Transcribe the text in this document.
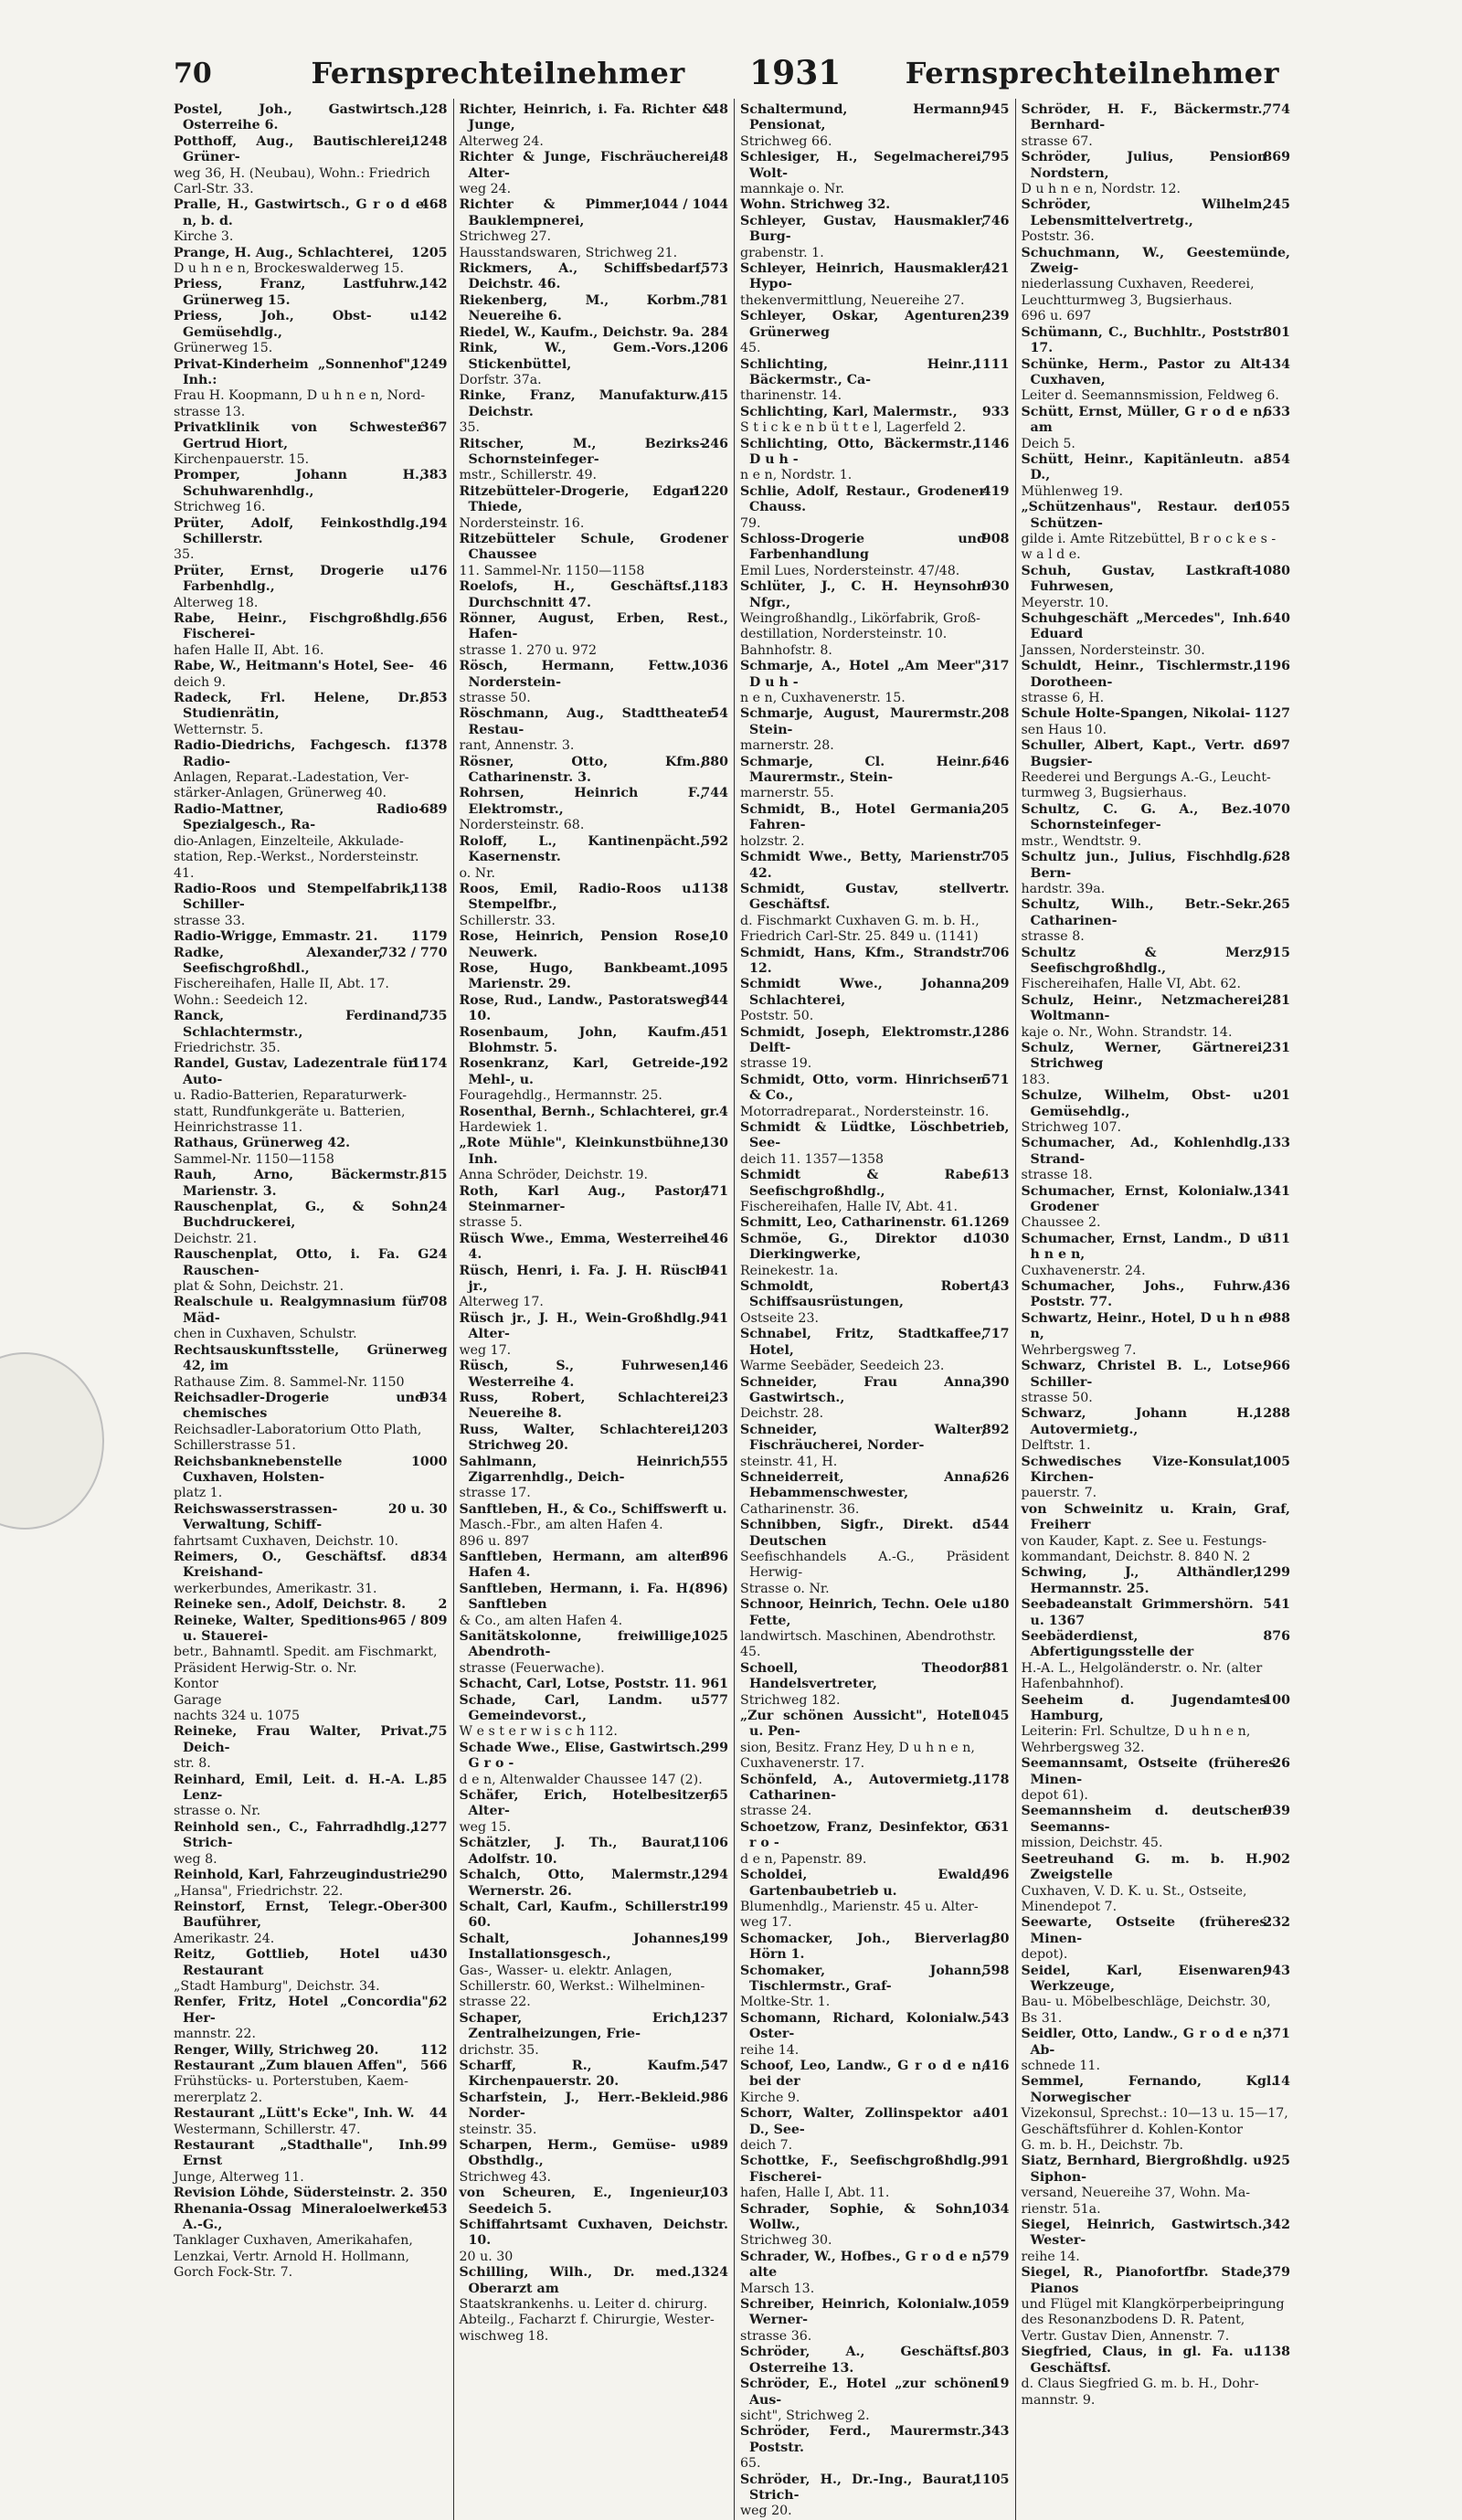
70	Fernsprechteilnehmer 1931 Fernsprechteilnehmer
128
Postel, Joh., Gastwirtsch., Osterreihe 6.
1248
Potthoff, Aug., Bautischlerei, Grüner-
weg 36, H. (Neubau), Wohn.: Friedrich
Carl-Str. 33.
468
Pralle, H., Gastwirtsch., G r o d e n, b. d.
Kirche 3.
1205
Prange, H. Aug., Schlachterei,
D u h n e n, Brockeswalderweg 15.
142
Priess, Franz, Lastfuhrw., Grünerweg 15.
142
Priess, Joh., Obst- u. Gemüsehdlg.,
Grünerweg 15.
1249
Privat-Kinderheim „Sonnenhof", Inh.:
Frau H. Koopmann, D u h n e n, Nord-
strasse 13.
367
Privatklinik von Schwester Gertrud Hiort,
Kirchenpauerstr. 15.
383
Promper, Johann H., Schuhwarenhdlg.,
Strichweg 16.
194
Prüter, Adolf, Feinkosthdlg., Schillerstr.
35.
176
Prüter, Ernst, Drogerie u. Farbenhdlg.,
Alterweg 18.
656
Rabe, Heinr., Fischgroßhdlg., Fischerei-
hafen Halle II, Abt. 16.
46
Rabe, W., Heitmann's Hotel, See-
deich 9.
853
Radeck, Frl. Helene, Dr., Studienrätin,
Wetternstr. 5.
1378
Radio-Diedrichs, Fachgesch. f. Radio-
Anlagen, Reparat.-Ladestation, Ver-
stärker-Anlagen, Grünerweg 40.
689
Radio-Mattner, Radio-Spezialgesch., Ra-
dio-Anlagen, Einzelteile, Akkulade-
station, Rep.-Werkst., Nordersteinstr.
41.
1138
Radio-Roos und Stempelfabrik, Schiller-
strasse 33.
1179
Radio-Wrigge, Emmastr. 21.
732 / 770
Radke, Alexander, Seefischgroßhdl.,
Fischereihafen, Halle II, Abt. 17.
Wohn.: Seedeich 12.
735
Ranck, Ferdinand, Schlachtermstr.,
Friedrichstr. 35.
1174
Randel, Gustav, Ladezentrale für Auto-
u. Radio-Batterien, Reparaturwerk-
statt, Rundfunkgeräte u. Batterien,
Heinrichstrasse 11.
Rathaus, Grünerweg 42.
Sammel-Nr. 1150—1158
815
Rauh, Arno, Bäckermstr., Marienstr. 3.
24
Rauschenplat, G., & Sohn, Buchdruckerei,
Deichstr. 21.
24
Rauschenplat, Otto, i. Fa. G. Rauschen-
plat & Sohn, Deichstr. 21.
708
Realschule u. Realgymnasium für Mäd-
chen in Cuxhaven, Schulstr.
Rechtsauskunftsstelle, Grünerweg 42, im
Rathause Zim. 8. Sammel-Nr. 1150
934
Reichsadler-Drogerie und chemisches
Reichsadler-Laboratorium Otto Plath,
Schillerstrasse 51.
1000
Reichsbanknebenstelle Cuxhaven, Holsten-
platz 1.
20 u. 30
Reichswasserstrassen-Verwaltung, Schiff-
fahrtsamt Cuxhaven, Deichstr. 10.
834
Reimers, O., Geschäftsf. d. Kreishand-
werkerbundes, Amerikastr. 31.
2
Reineke sen., Adolf, Deichstr. 8.
965 / 809
Reineke, Walter, Speditions- u. Stauerei-
betr., Bahnamtl. Spedit. am Fischmarkt,
Präsident Herwig-Str. o. Nr.
Kontor
Garage
nachts 324 u. 1075
75
Reineke, Frau Walter, Privat., Deich-
str. 8.
85
Reinhard, Emil, Leit. d. H.-A. L., Lenz-
strasse o. Nr.
1277
Reinhold sen., C., Fahrradhdlg., Strich-
weg 8.
290
Reinhold, Karl, Fahrzeugindustrie
„Hansa", Friedrichstr. 22.
300
Reinstorf, Ernst, Telegr.-Ober-Bauführer,
Amerikastr. 24.
430
Reitz, Gottlieb, Hotel u. Restaurant
„Stadt Hamburg", Deichstr. 34.
62
Renfer, Fritz, Hotel „Concordia", Her-
mannstr. 22.
112
Renger, Willy, Strichweg 20.
566
Restaurant „Zum blauen Affen",
Frühstücks- u. Porterstuben, Kaem-
mererplatz 2.
44
Restaurant „Lütt's Ecke", Inh. W.
Westermann, Schillerstr. 47.
99
Restaurant „Stadthalle", Inh.: Ernst
Junge, Alterweg 11.
350
Revision Löhde, Südersteinstr. 2.
453
Rhenania-Ossag Mineraloelwerke A.-G.,
Tanklager Cuxhaven, Amerikahafen,
Lenzkai, Vertr. Arnold H. Hollmann,
Gorch Fock-Str. 7.
48
Richter, Heinrich, i. Fa. Richter & Junge,
Alterweg 24.
48
Richter & Junge, Fischräucherei, Alter-
weg 24.
1044 / 1044
Richter & Pimmer, Bauklempnerei,
Strichweg 27.
Hausstandswaren, Strichweg 21.
573
Rickmers, A., Schiffsbedarf, Deichstr. 46.
781
Riekenberg, M., Korbm., Neuereihe 6.
284
Riedel, W., Kaufm., Deichstr. 9a.
1206
Rink, W., Gem.-Vors., Stickenbüttel,
Dorfstr. 37a.
415
Rinke, Franz, Manufakturw., Deichstr.
35.
246
Ritscher, M., Bezirks-Schornsteinfeger-
mstr., Schillerstr. 49.
1220
Ritzebütteler-Drogerie, Edgar Thiede,
Nordersteinstr. 16.
Ritzebütteler Schule, Grodener Chaussee
11. Sammel-Nr. 1150—1158
1183
Roelofs, H., Geschäftsf., Durchschnitt 47.
Rönner, August, Erben, Rest., Hafen-
strasse 1. 270 u. 972
1036
Rösch, Hermann, Fettw., Norderstein-
strasse 50.
54
Röschmann, Aug., Stadttheater Restau-
rant, Annenstr. 3.
880
Rösner, Otto, Kfm., Catharinenstr. 3.
744
Rohrsen, Heinrich F., Elektromstr.,
Nordersteinstr. 68.
592
Roloff, L., Kantinenpächt., Kasernenstr.
o. Nr.
1138
Roos, Emil, Radio-Roos u. Stempelfbr.,
Schillerstr. 33.
10
Rose, Heinrich, Pension Rose, Neuwerk.
1095
Rose, Hugo, Bankbeamt., Marienstr. 29.
344
Rose, Rud., Landw., Pastoratsweg 10.
451
Rosenbaum, John, Kaufm., Blohmstr. 5.
192
Rosenkranz, Karl, Getreide-, Mehl-, u.
Fouragehdlg., Hermannstr. 25.
4
Rosenthal, Bernh., Schlachterei, gr.
Hardewiek 1.
130
„Rote Mühle", Kleinkunstbühne, Inh.
Anna Schröder, Deichstr. 19.
471
Roth, Karl Aug., Pastor, Steinmarner-
strasse 5.
146
Rüsch Wwe., Emma, Westerreihe 4.
941
Rüsch, Henri, i. Fa. J. H. Rüsch jr.,
Alterweg 17.
941
Rüsch jr., J. H., Wein-Großhdlg., Alter-
weg 17.
146
Rüsch, S., Fuhrwesen, Westerreihe 4.
23
Russ, Robert, Schlachterei, Neuereihe 8.
1203
Russ, Walter, Schlachterei, Strichweg 20.
555
Sahlmann, Heinrich, Zigarrenhdlg., Deich-
strasse 17.
Sanftleben, H., & Co., Schiffswerft u.
Masch.-Fbr., am alten Hafen 4.
896 u. 897
896
Sanftleben, Hermann, am alten Hafen 4.
(896)
Sanftleben, Hermann, i. Fa. H. Sanftleben
& Co., am alten Hafen 4.
1025
Sanitätskolonne, freiwillige, Abendroth-
strasse (Feuerwache).
961
Schacht, Carl, Lotse, Poststr. 11.
577
Schade, Carl, Landm. u. Gemeindevorst.,
W e s t e r w i s c h 112.
299
Schade Wwe., Elise, Gastwirtsch., G r o -
d e n, Altenwalder Chaussee 147 (2).
65
Schäfer, Erich, Hotelbesitzer, Alter-
weg 15.
1106
Schätzler, J. Th., Baurat, Adolfstr. 10.
1294
Schalch, Otto, Malermstr., Wernerstr. 26.
199
Schalt, Carl, Kaufm., Schillerstr. 60.
199
Schalt, Johannes, Installationsgesch.,
Gas-, Wasser- u. elektr. Anlagen,
Schillerstr. 60, Werkst.: Wilhelminen-
strasse 22.
1237
Schaper, Erich, Zentralheizungen, Frie-
drichstr. 35.
547
Scharff, R., Kaufm., Kirchenpauerstr. 20.
986
Scharfstein, J., Herr.-Bekleid., Norder-
steinstr. 35.
989
Scharpen, Herm., Gemüse- u. Obsthdlg.,
Strichweg 43.
103
von Scheuren, E., Ingenieur, Seedeich 5.
Schiffahrtsamt Cuxhaven, Deichstr. 10.
20 u. 30
1324
Schilling, Wilh., Dr. med., Oberarzt am
Staatskrankenhs. u. Leiter d. chirurg.
Abteilg., Facharzt f. Chirurgie, Wester-
wischweg 18.
945
Schaltermund, Hermann, Pensionat,
Strichweg 66.
795
Schlesiger, H., Segelmacherei, Wolt-
mannkaje o. Nr.
Wohn. Strichweg 32.
746
Schleyer, Gustav, Hausmakler, Burg-
grabenstr. 1.
421
Schleyer, Heinrich, Hausmakler, Hypo-
thekenvermittlung, Neuereihe 27.
239
Schleyer, Oskar, Agenturen, Grünerweg
45.
1111
Schlichting, Heinr., Bäckermstr., Ca-
tharinenstr. 14.
933
Schlichting, Karl, Malermstr.,
S t i c k e n b ü t t e l, Lagerfeld 2.
1146
Schlichting, Otto, Bäckermstr., D u h -
n e n, Nordstr. 1.
419
Schlie, Adolf, Restaur., Grodener Chauss.
79.
908
Schloss-Drogerie und Farbenhandlung
Emil Lues, Nordersteinstr. 47/48.
930
Schlüter, J., C. H. Heynsohn Nfgr.,
Weingroßhandlg., Likörfabrik, Groß-
destillation, Nordersteinstr. 10.
Bahnhofstr. 8.
317
Schmarje, A., Hotel „Am Meer", D u h -
n e n, Cuxhavenerstr. 15.
208
Schmarje, August, Maurermstr., Stein-
marnerstr. 28.
646
Schmarje, Cl. Heinr., Maurermstr., Stein-
marnerstr. 55.
205
Schmidt, B., Hotel Germania, Fahren-
holzstr. 2.
705
Schmidt Wwe., Betty, Marienstr. 42.
Schmidt, Gustav, stellvertr. Geschäftsf.
d. Fischmarkt Cuxhaven G. m. b. H.,
Friedrich Carl-Str. 25. 849 u. (1141)
706
Schmidt, Hans, Kfm., Strandstr. 12.
209
Schmidt Wwe., Johanna, Schlachterei,
Poststr. 50.
1286
Schmidt, Joseph, Elektromstr., Delft-
strasse 19.
571
Schmidt, Otto, vorm. Hinrichsen & Co.,
Motorradreparat., Nordersteinstr. 16.
Schmidt & Lüdtke, Löschbetrieb, See-
deich 11. 1357—1358
613
Schmidt & Rabe, Seefischgroßhdlg.,
Fischereihafen, Halle IV, Abt. 41.
1269
Schmitt, Leo, Catharinenstr. 61.
1030
Schmöe, G., Direktor d. Dierkingwerke,
Reinekestr. 1a.
43
Schmoldt, Robert, Schiffsausrüstungen,
Ostseite 23.
717
Schnabel, Fritz, Stadtkaffee, Hotel,
Warme Seebäder, Seedeich 23.
390
Schneider, Frau Anna, Gastwirtsch.,
Deichstr. 28.
892
Schneider, Walter, Fischräucherei, Norder-
steinstr. 41, H.
626
Schneiderreit, Anna, Hebammenschwester,
Catharinenstr. 36.
544
Schnibben, Sigfr., Direkt. d. Deutschen
Seefischhandels A.-G., Präsident Herwig-
Strasse o. Nr.
180
Schnoor, Heinrich, Techn. Oele u. Fette,
landwirtsch. Maschinen, Abendrothstr.
45.
881
Schoell, Theodor, Handelsvertreter,
Strichweg 182.
1045
„Zur schönen Aussicht", Hotel u. Pen-
sion, Besitz. Franz Hey, D u h n e n,
Cuxhavenerstr. 17.
1178
Schönfeld, A., Autovermietg., Catharinen-
strasse 24.
631
Schoetzow, Franz, Desinfektor, G r o -
d e n, Papenstr. 89.
496
Scholdei, Ewald, Gartenbaubetrieb u.
Blumenhdlg., Marienstr. 45 u. Alter-
weg 17.
80
Schomacker, Joh., Bierverlag, Hörn 1.
598
Schomaker, Johann, Tischlermstr., Graf-
Moltke-Str. 1.
543
Schomann, Richard, Kolonialw., Oster-
reihe 14.
416
Schoof, Leo, Landw., G r o d e n, bei der
Kirche 9.
401
Schorr, Walter, Zollinspektor a. D., See-
deich 7.
991
Schottke, F., Seefischgroßhdlg., Fischerei-
hafen, Halle I, Abt. 11.
1034
Schrader, Sophie, & Sohn, Wollw.,
Strichweg 30.
579
Schrader, W., Hofbes., G r o d e n, alte
Marsch 13.
1059
Schreiber, Heinrich, Kolonialw., Werner-
strasse 36.
803
Schröder, A., Geschäftsf., Osterreihe 13.
19
Schröder, E., Hotel „zur schönen Aus-
sicht", Strichweg 2.
343
Schröder, Ferd., Maurermstr., Poststr.
65.
1105
Schröder, H., Dr.-Ing., Baurat, Strich-
weg 20.
774
Schröder, H. F., Bäckermstr., Bernhard-
strasse 67.
869
Schröder, Julius, Pension Nordstern,
D u h n e n, Nordstr. 12.
245
Schröder, Wilhelm, Lebensmittelvertretg.,
Poststr. 36.
Schuchmann, W., Geestemünde, Zweig-
niederlassung Cuxhaven, Reederei,
Leuchtturmweg 3, Bugsierhaus.
696 u. 697
801
Schümann, C., Buchhltr., Poststr. 17.
134
Schünke, Herm., Pastor zu Alt-Cuxhaven,
Leiter d. Seemannsmission, Feldweg 6.
633
Schütt, Ernst, Müller, G r o d e n, am
Deich 5.
854
Schütt, Heinr., Kapitänleutn. a. D.,
Mühlenweg 19.
1055
„Schützenhaus", Restaur. der Schützen-
gilde i. Amte Ritzebüttel, B r o c k e s -
w a l d e.
1080
Schuh, Gustav, Lastkraft-Fuhrwesen,
Meyerstr. 10.
640
Schuhgeschäft „Mercedes", Inh.: Eduard
Janssen, Nordersteinstr. 30.
1196
Schuldt, Heinr., Tischlermstr., Dorotheen-
strasse 6, H.
1127
Schule Holte-Spangen, Nikolai-
sen Haus 10.
697
Schuller, Albert, Kapt., Vertr. d. Bugsier-
Reederei und Bergungs A.-G., Leucht-
turmweg 3, Bugsierhaus.
1070
Schultz, C. G. A., Bez.-Schornsteinfeger-
mstr., Wendtstr. 9.
628
Schultz jun., Julius, Fischhdlg., Bern-
hardstr. 39a.
265
Schultz, Wilh., Betr.-Sekr., Catharinen-
strasse 8.
915
Schultz & Merz, Seefischgroßhdlg.,
Fischereihafen, Halle VI, Abt. 62.
281
Schulz, Heinr., Netzmacherei, Woltmann-
kaje o. Nr., Wohn. Strandstr. 14.
231
Schulz, Werner, Gärtnerei, Strichweg
183.
201
Schulze, Wilhelm, Obst- u. Gemüsehdlg.,
Strichweg 107.
133
Schumacher, Ad., Kohlenhdlg., Strand-
strasse 18.
1341
Schumacher, Ernst, Kolonialw., Grodener
Chaussee 2.
311
Schumacher, Ernst, Landm., D u h n e n,
Cuxhavenerstr. 24.
436
Schumacher, Johs., Fuhrw., Poststr. 77.
988
Schwartz, Heinr., Hotel, D u h n e n,
Wehrbergsweg 7.
966
Schwarz, Christel B. L., Lotse, Schiller-
strasse 50.
1288
Schwarz, Johann H., Autovermietg.,
Delftstr. 1.
1005
Schwedisches Vize-Konsulat, Kirchen-
pauerstr. 7.
von Schweinitz u. Krain, Graf, Freiherr
von Kauder, Kapt. z. See u. Festungs-
kommandant, Deichstr. 8. 840 N. 2
1299
Schwing, J., Althändler, Hermannstr. 25.
Seebadeanstalt Grimmershörn. 541 u. 1367
876
Seebäderdienst, Abfertigungsstelle der
H.-A. L., Helgoländerstr. o. Nr. (alter
Hafenbahnhof).
100
Seeheim d. Jugendamtes Hamburg,
Leiterin: Frl. Schultze, D u h n e n,
Wehrbergsweg 32.
26
Seemannsamt, Ostseite (früheres Minen-
depot 61).
939
Seemannsheim d. deutschen Seemanns-
mission, Deichstr. 45.
902
Seetreuhand G. m. b. H., Zweigstelle
Cuxhaven, V. D. K. u. St., Ostseite,
Minendepot 7.
232
Seewarte, Ostseite (früheres Minen-
depot).
943
Seidel, Karl, Eisenwaren, Werkzeuge,
Bau- u. Möbelbeschläge, Deichstr. 30,
Bs 31.
371
Seidler, Otto, Landw., G r o d e n, Ab-
schnede 11.
14
Semmel, Fernando, Kgl. Norwegischer
Vizekonsul, Sprechst.: 10—13 u. 15—17,
Geschäftsführer d. Kohlen-Kontor
G. m. b. H., Deichstr. 7b.
925
Siatz, Bernhard, Biergroßhdlg. u. Siphon-
versand, Neuereihe 37, Wohn. Ma-
rienstr. 51a.
342
Siegel, Heinrich, Gastwirtsch., Wester-
reihe 14.
379
Siegel, R., Pianofortfbr. Stade, Pianos
und Flügel mit Klangkörperbeipringung
des Resonanzbodens D. R. Patent,
Vertr. Gustav Dien, Annenstr. 7.
1138
Siegfried, Claus, in gl. Fa. u. Geschäftsf.
d. Claus Siegfried G. m. b. H., Dohr-
mannstr. 9.
